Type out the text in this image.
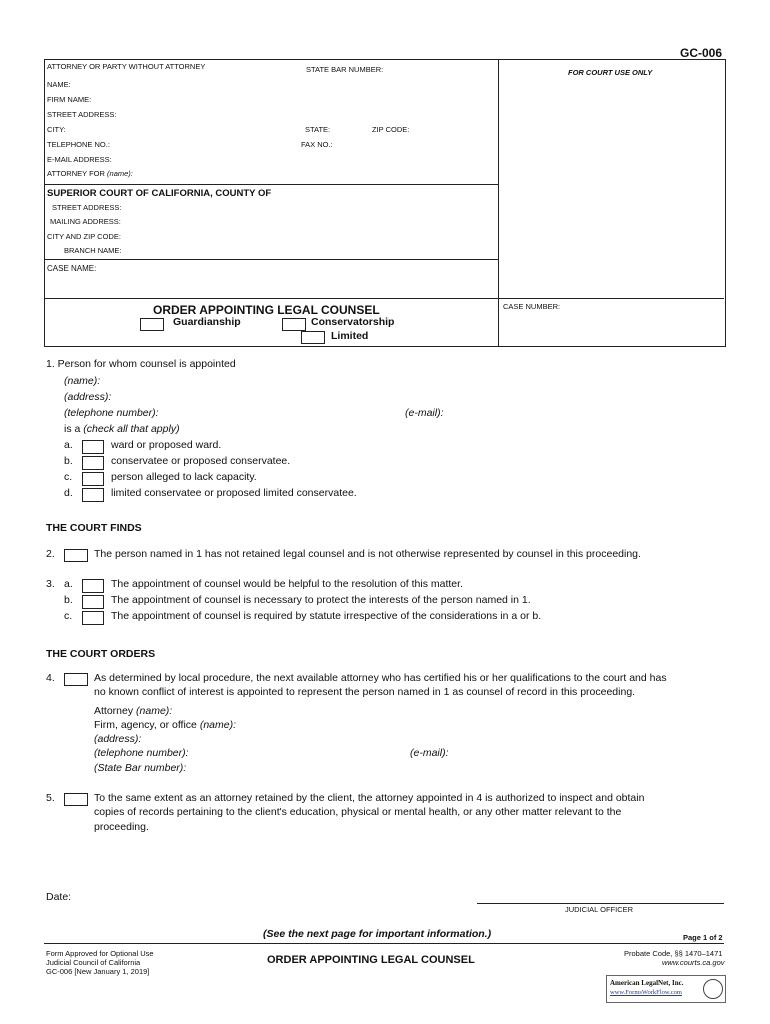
GC-006
ATTORNEY OR PARTY WITHOUT ATTORNEY	STATE BAR NUMBER:	FOR COURT USE ONLY
NAME:
FIRM NAME:
STREET ADDRESS:
CITY:	STATE:	ZIP CODE:
TELEPHONE NO.:	FAX NO.:
E-MAIL ADDRESS:
ATTORNEY FOR (name):
SUPERIOR COURT OF CALIFORNIA, COUNTY OF
STREET ADDRESS:
MAILING ADDRESS:
CITY AND ZIP CODE:
BRANCH NAME:
CASE NAME:
CASE NUMBER:
ORDER APPOINTING LEGAL COUNSEL
Guardianship	Conservatorship
Limited
1. Person for whom counsel is appointed
(name):
(address):
(telephone number):	(e-mail):
is a (check all that apply)
a.	ward or proposed ward.
b.	conservatee or proposed conservatee.
c.	person alleged to lack capacity.
d.	limited conservatee or proposed limited conservatee.
THE COURT FINDS
2.	The person named in 1 has not retained legal counsel and is not otherwise represented by counsel in this proceeding.
3. a.	The appointment of counsel would be helpful to the resolution of this matter.
b.	The appointment of counsel is necessary to protect the interests of the person named in 1.
c.	The appointment of counsel is required by statute irrespective of the considerations in a or b.
THE COURT ORDERS
4.	As determined by local procedure, the next available attorney who has certified his or her qualifications to the court and has
no known conflict of interest is appointed to represent the person named in 1 as counsel of record in this proceeding.
Attorney (name):
Firm, agency, or office (name):
(address):
(telephone number):	(e-mail):
(State Bar number):
5.	To the same extent as an attorney retained by the client, the attorney appointed in 4 is authorized to inspect and obtain
copies of records pertaining to the client's education, physical or mental health, or any other matter relevant to the
proceeding.
Date:
JUDICIAL OFFICER
(See the next page for important information.)	Page 1 of 2
Form Approved for Optional Use
Judicial Council of California
GC-006 [New January 1, 2019]
ORDER APPOINTING LEGAL COUNSEL
Probate Code, §§ 1470–1471
www.courts.ca.gov
American LegalNet, Inc.
www.FormsWorkFlow.com
